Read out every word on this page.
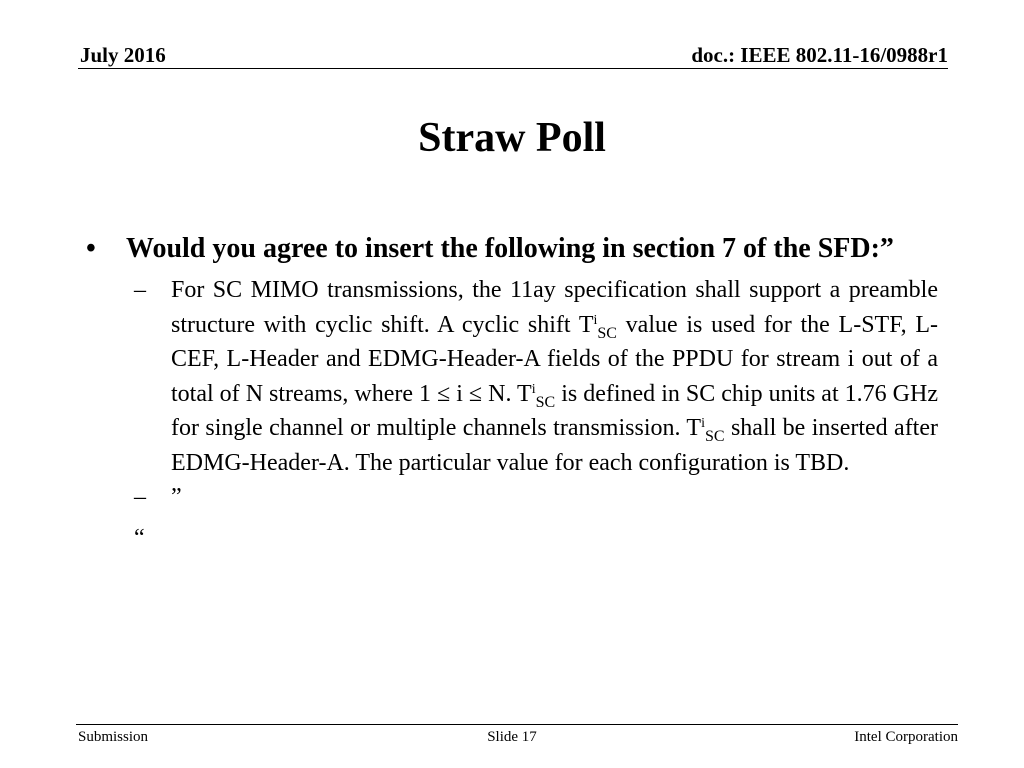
July 2016	doc.: IEEE 802.11-16/0988r1
Straw Poll
• Would you agree to insert the following in section 7 of the SFD:”
– For SC MIMO transmissions, the 11ay specification shall support a preamble structure with cyclic shift. A cyclic shift $T^i_{SC}$ value is used for the L-STF, L-CEF, L-Header and EDMG-Header-A fields of the PPDU for stream i out of a total of N streams, where 1 ≤ i ≤ N. $T^i_{SC}$ is defined in SC chip units at 1.76 GHz for single channel or multiple channels transmission. $T^i_{SC}$ shall be inserted after EDMG-Header-A. The particular value for each configuration is TBD.
– ”
“
Submission	Slide 17	Intel Corporation
